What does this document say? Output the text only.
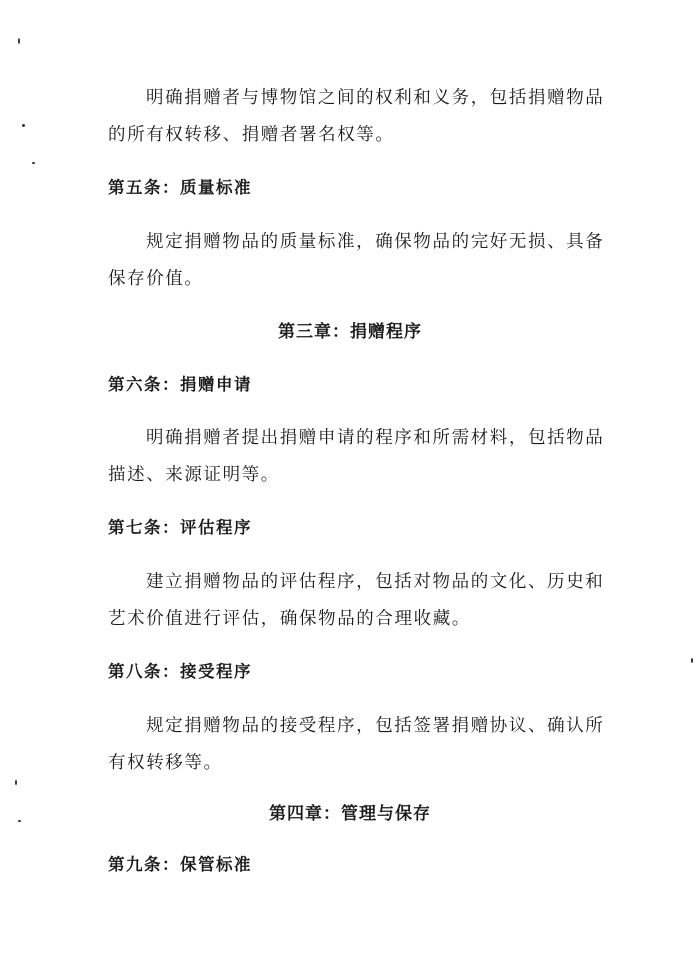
明确捐赠者与博物馆之间的权利和义务，包括捐赠物品
的所有权转移、捐赠者署名权等。

第五条：质量标准

规定捐赠物品的质量标准，确保物品的完好无损、具备
保存价值。

第三章：捐赠程序
第六条：捐赠申请

明确捐赠者提出捐赠申请的程序和所需材料，包括物品
描述、来源证明等。

第七条：评估程序

建立捐赠物品的评估程序，包括对物品的文化、历史和
艺术价值进行评估，确保物品的合理收藏。

第八条：接受程序

规定捐赠物品的接受程序，包括签署捐赠协议、确认所
有权转移等。

第四章：管理与保存
第九条：保管标准
